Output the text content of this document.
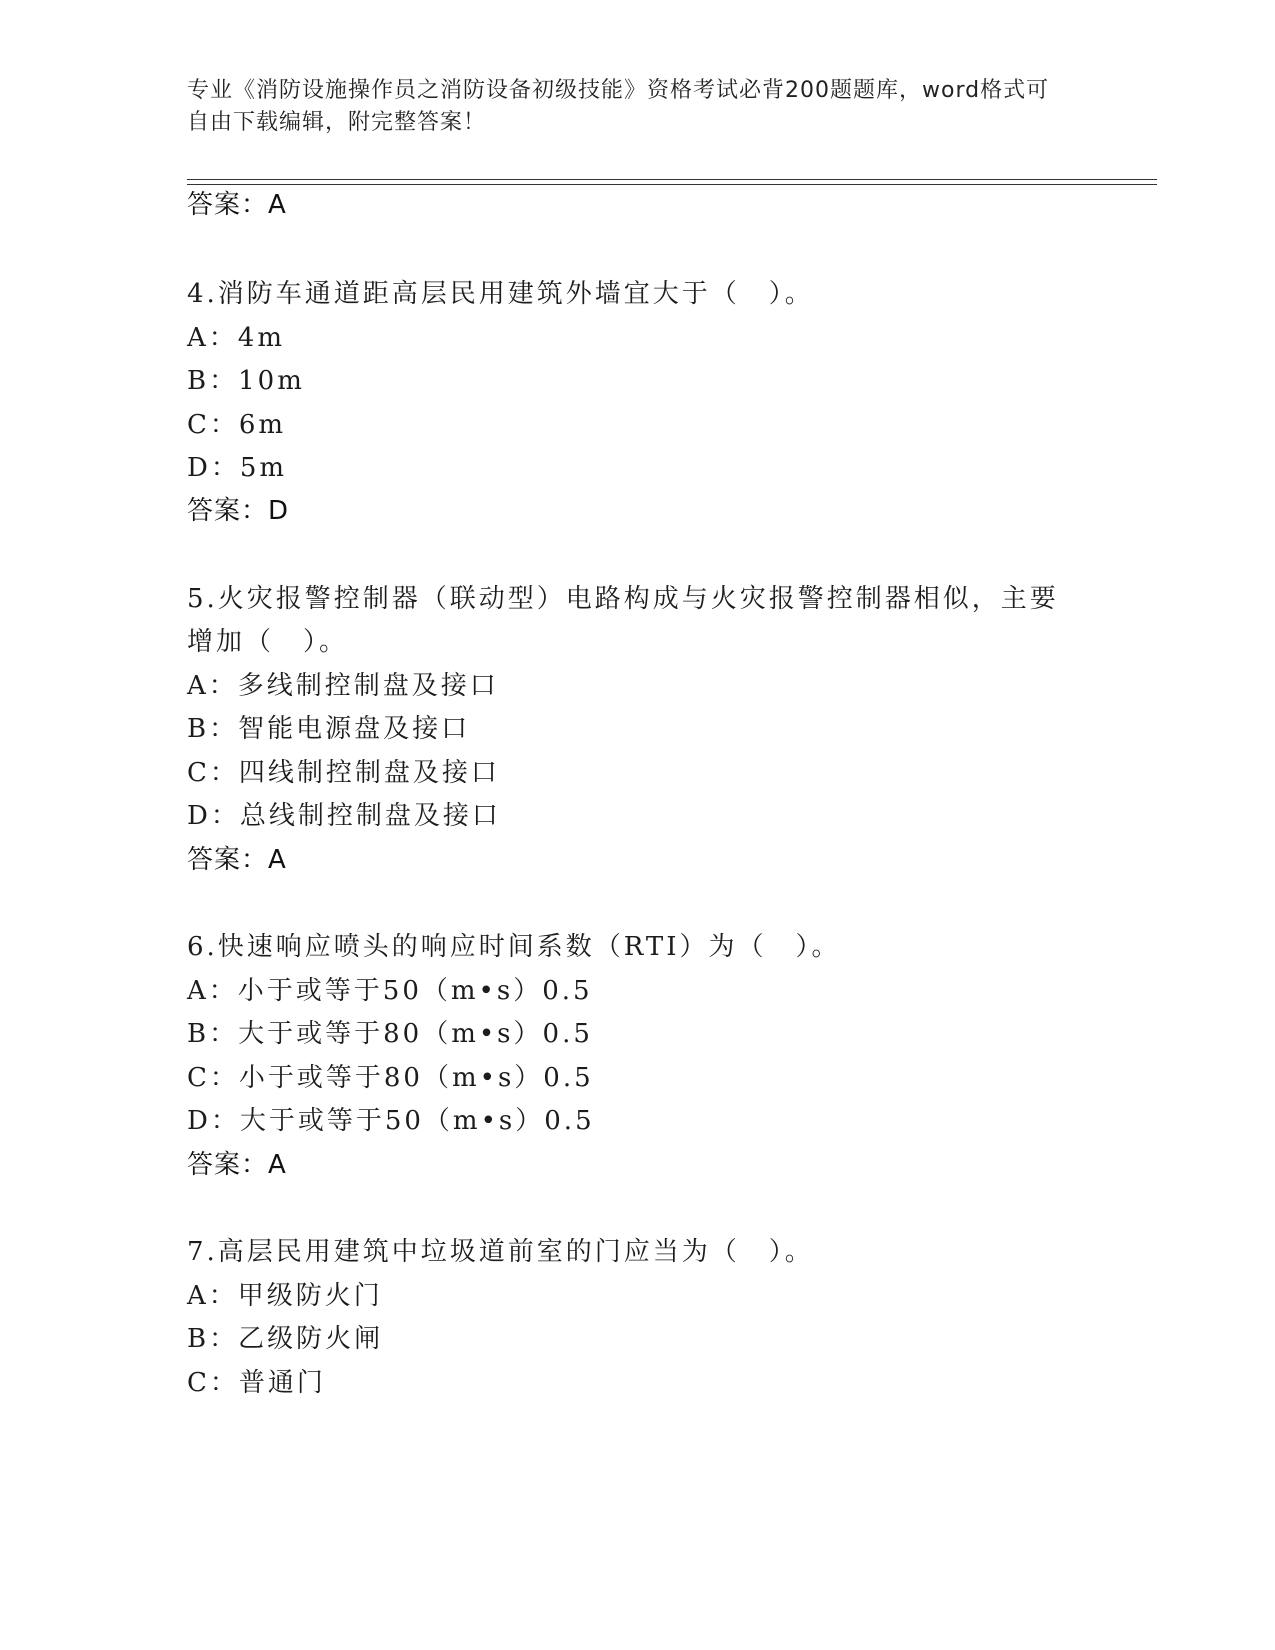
专业《消防设施操作员之消防设备初级技能》资格考试必背200题题库，word格式可自由下载编辑，附完整答案！
答案：A
4.消防车通道距高层民用建筑外墙宜大于（　）。
A：4m
B：10m
C：6m
D：5m
答案：D
5.火灾报警控制器（联动型）电路构成与火灾报警控制器相似，主要
增加（　）。
A：多线制控制盘及接口
B：智能电源盘及接口
C：四线制控制盘及接口
D：总线制控制盘及接口
答案：A
6.快速响应喷头的响应时间系数（RTI）为（　）。
A：小于或等于50（m•s）0.5
B：大于或等于80（m•s）0.5
C：小于或等于80（m•s）0.5
D：大于或等于50（m•s）0.5
答案：A
7.高层民用建筑中垃圾道前室的门应当为（　）。
A：甲级防火门
B：乙级防火闸
C：普通门
